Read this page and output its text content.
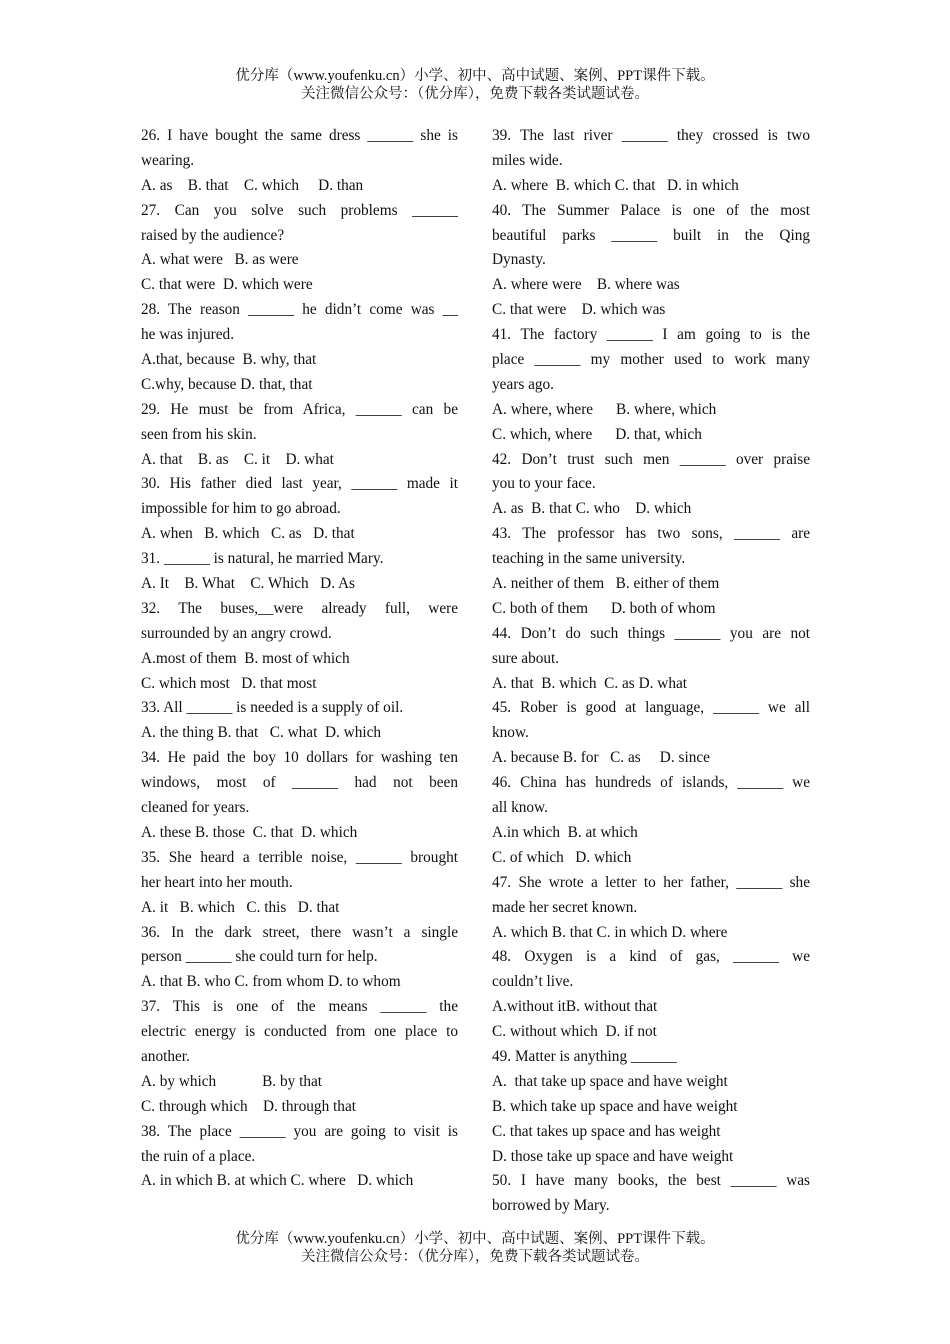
优分库（www.youfenku.cn）小学、初中、高中试题、案例、PPT课件下载。
关注微信公众号：（优分库），免费下载各类试题试卷。
26. I have bought the same dress ______ she is
wearing.
A. as    B. that    C. which     D. than
27. Can you solve such problems ______
raised by the audience?
A. what were   B. as were
C. that were  D. which were
28. The reason ______ he didn’t come was __
he was injured.
A.that, because  B. why, that
C.why, because D. that, that
29. He must be from Africa, ______ can be
seen from his skin.
A. that    B. as    C. it    D. what
30. His father died last year, ______ made it
impossible for him to go abroad.
A. when   B. which   C. as   D. that
31. ______ is natural, he married Mary.
A. It    B. What    C. Which   D. As
32. The buses,__were already full, were
surrounded by an angry crowd.
A.most of them  B. most of which
C. which most   D. that most
33. All ______ is needed is a supply of oil.
A. the thing B. that   C. what  D. which
34. He paid the boy 10 dollars for washing ten
windows, most of ______ had not been
cleaned for years.
A. these B. those  C. that  D. which
35. She heard a terrible noise, ______ brought
her heart into her mouth.
A. it   B. which   C. this   D. that
36. In the dark street, there wasn’t a single
person ______ she could turn for help.
A. that B. who C. from whom D. to whom
37. This is one of the means ______ the
electric energy is conducted from one place to
another.
A. by which            B. by that
C. through which    D. through that
38. The place ______ you are going to visit is
the ruin of a place.
A. in which B. at which C. where   D. which
39. The last river ______ they crossed is two
miles wide.
A. where  B. which C. that   D. in which
40. The Summer Palace is one of the most
beautiful parks ______ built in the Qing
Dynasty.
A. where were    B. where was
C. that were    D. which was
41. The factory ______ I am going to is the
place ______ my mother used to work many
years ago.
A. where, where      B. where, which
C. which, where      D. that, which
42. Don’t trust such men ______ over praise
you to your face.
A. as  B. that C. who    D. which
43. The professor has two sons, ______ are
teaching in the same university.
A. neither of them   B. either of them
C. both of them      D. both of whom
44. Don’t do such things ______ you are not
sure about.
A. that  B. which  C. as D. what
45. Rober is good at language, ______ we all
know.
A. because B. for   C. as     D. since
46. China has hundreds of islands, ______ we
all know.
A.in which  B. at which
C. of which   D. which
47. She wrote a letter to her father, ______ she
made her secret known.
A. which B. that C. in which D. where
48. Oxygen is a kind of gas, ______ we
couldn’t live.
A.without itB. without that
C. without which  D. if not
49. Matter is anything ______
A.  that take up space and have weight
B. which take up space and have weight
C. that takes up space and has weight
D. those take up space and have weight
50. I have many books, the best ______ was
borrowed by Mary.
优分库（www.youfenku.cn）小学、初中、高中试题、案例、PPT课件下载。
关注微信公众号：（优分库），免费下载各类试题试卷。
